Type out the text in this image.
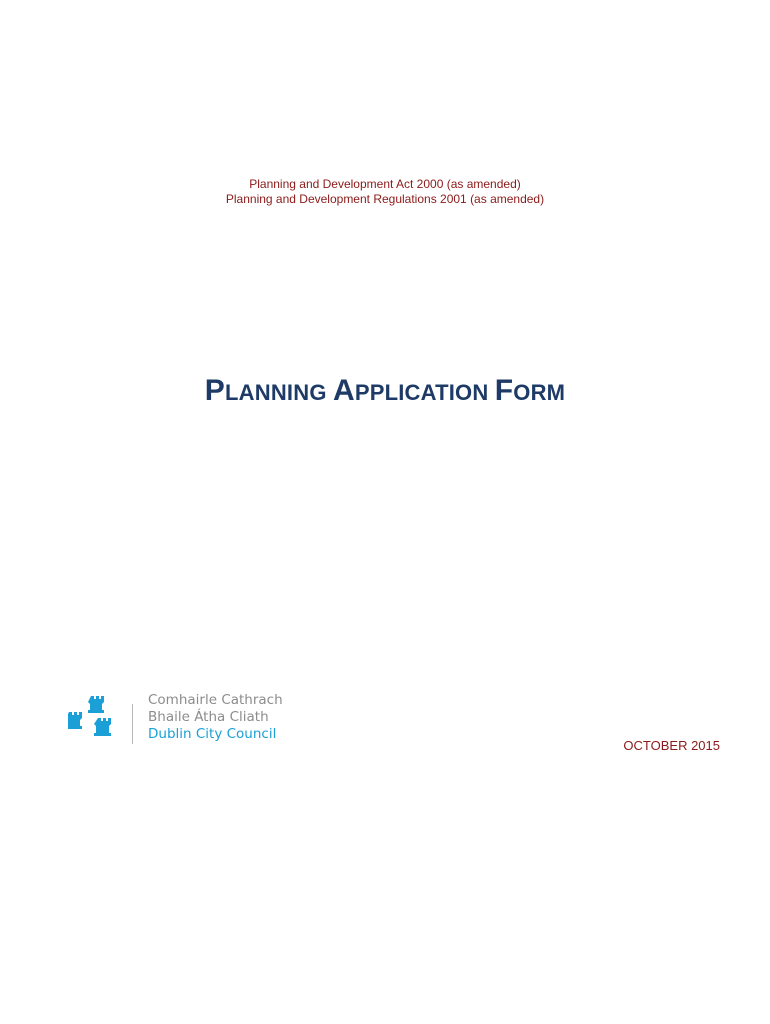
Planning and Development Act 2000 (as amended)
Planning and Development Regulations 2001 (as amended)
PLANNING APPLICATION FORM
Comhairle Cathrach
Bhaile Átha Cliath
Dublin City Council
OCTOBER 2015
